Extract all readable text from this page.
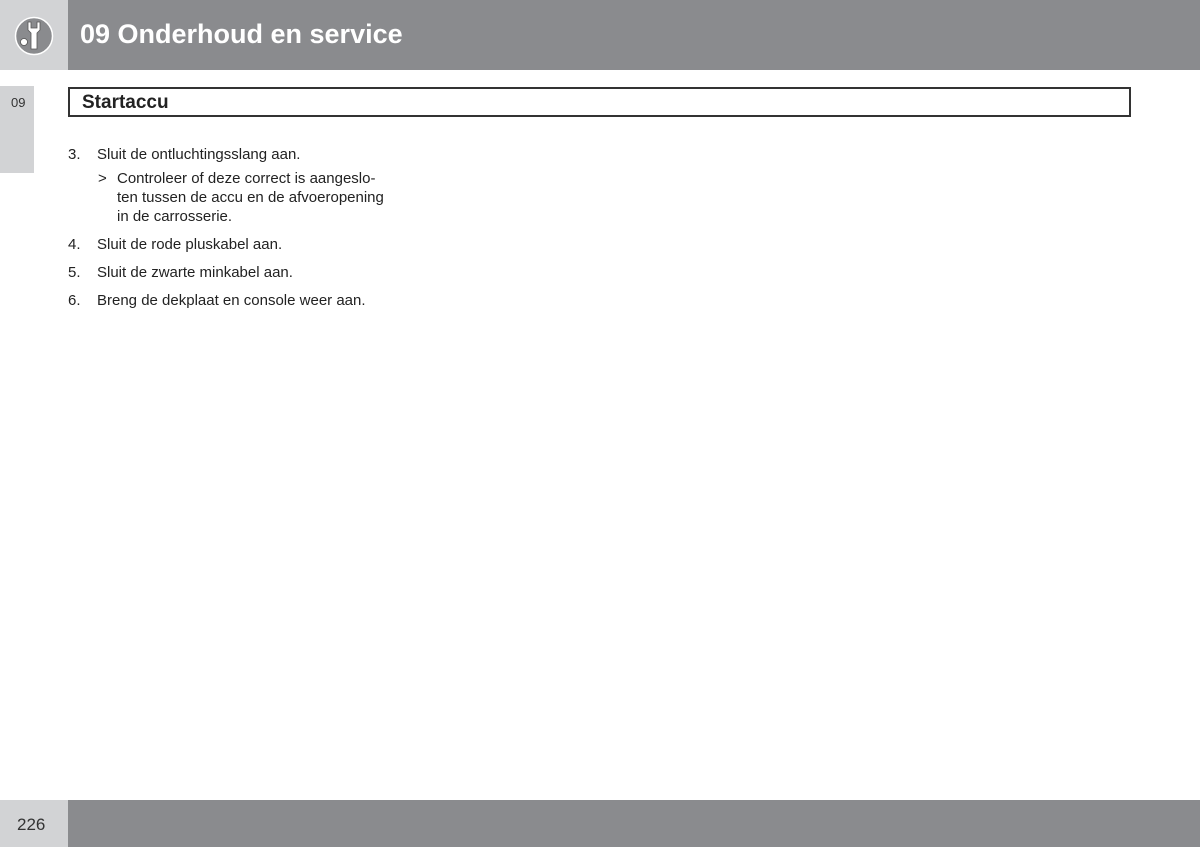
09 Onderhoud en service
09	Startaccu
3. Sluit de ontluchtingsslang aan.
> Controleer of deze correct is aangeslo-
ten tussen de accu en de afvoeropening
in de carrosserie.
4. Sluit de rode pluskabel aan.
5. Sluit de zwarte minkabel aan.
6. Breng de dekplaat en console weer aan.
226
